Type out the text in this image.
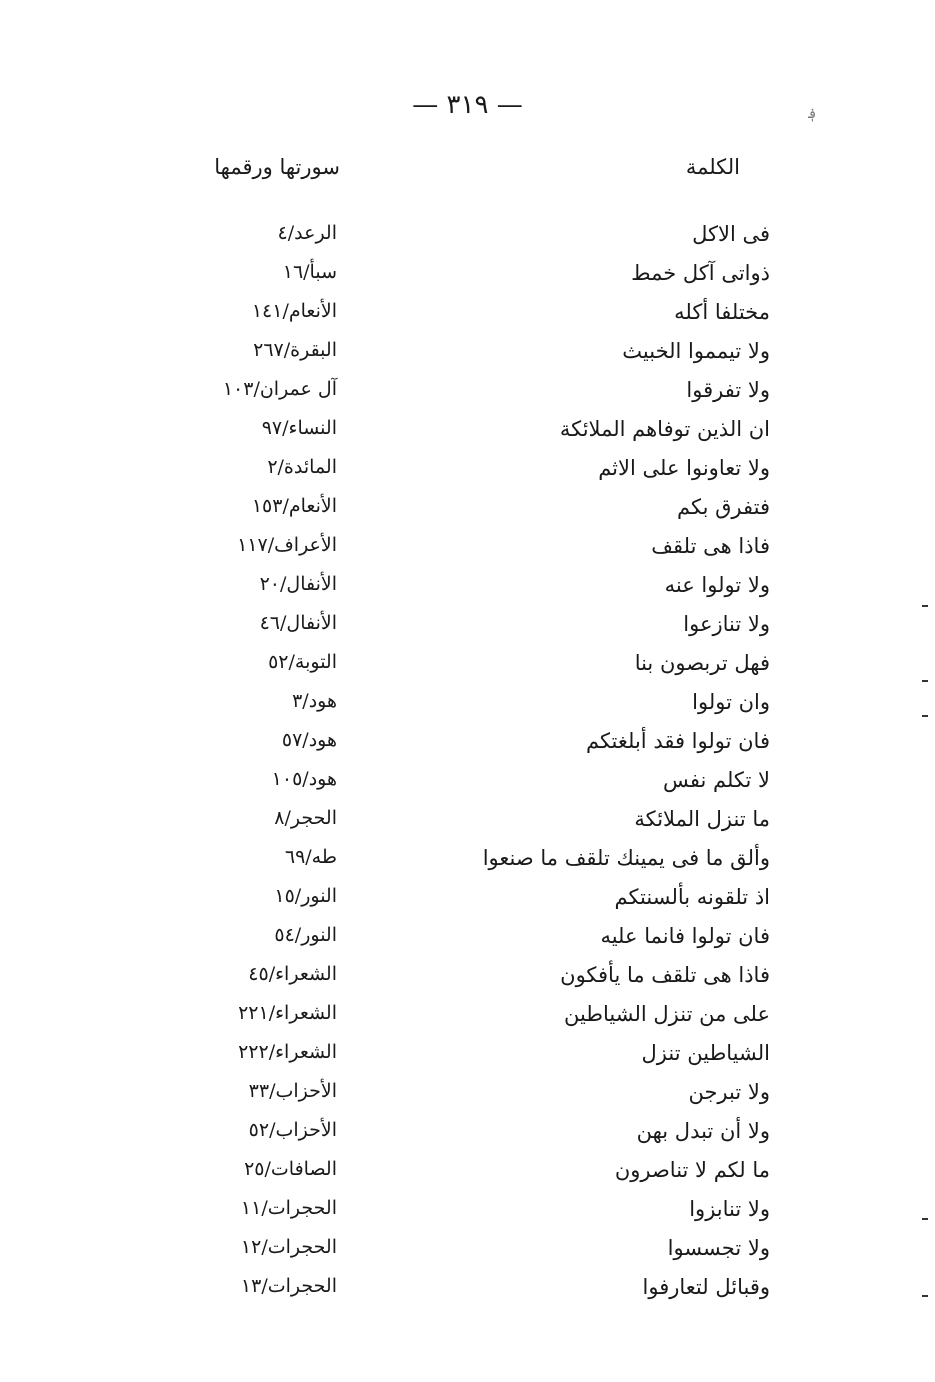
— ٣١٩ —	؋
الكلمة
سورتها ورقمها
فى الاكل
الرعد/٤
ذواتى آكل خمط
سبأ/١٦
مختلفا أكله
الأنعام/١٤١
ولا تيمموا الخبيث
البقرة/٢٦٧
ولا تفرقوا
آل عمران/١٠٣
ان الذين توفاهم الملائكة
النساء/٩٧
ولا تعاونوا على الاثم
المائدة/٢
فتفرق بكم
الأنعام/١٥٣
فاذا هى تلقف
الأعراف/١١٧
ولا تولوا عنه
الأنفال/٢٠
ولا تنازعوا
الأنفال/٤٦
فهل تربصون بنا
التوبة/٥٢
وان تولوا
هود/٣
فان تولوا فقد أبلغتكم
هود/٥٧
لا تكلم نفس
هود/١٠٥
ما تنزل الملائكة
الحجر/٨
وألق ما فى يمينك تلقف ما صنعوا
طه/٦٩
اذ تلقونه بألسنتكم
النور/١٥
فان تولوا فانما عليه
النور/٥٤
فاذا هى تلقف ما يأفكون
الشعراء/٤٥
على من تنزل الشياطين
الشعراء/٢٢١
الشياطين تنزل
الشعراء/٢٢٢
ولا تبرجن
الأحزاب/٣٣
ولا أن تبدل بهن
الأحزاب/٥٢
ما لكم لا تناصرون
الصافات/٢٥
ولا تنابزوا
الحجرات/١١
ولا تجسسوا
الحجرات/١٢
وقبائل لتعارفوا
الحجرات/١٣
